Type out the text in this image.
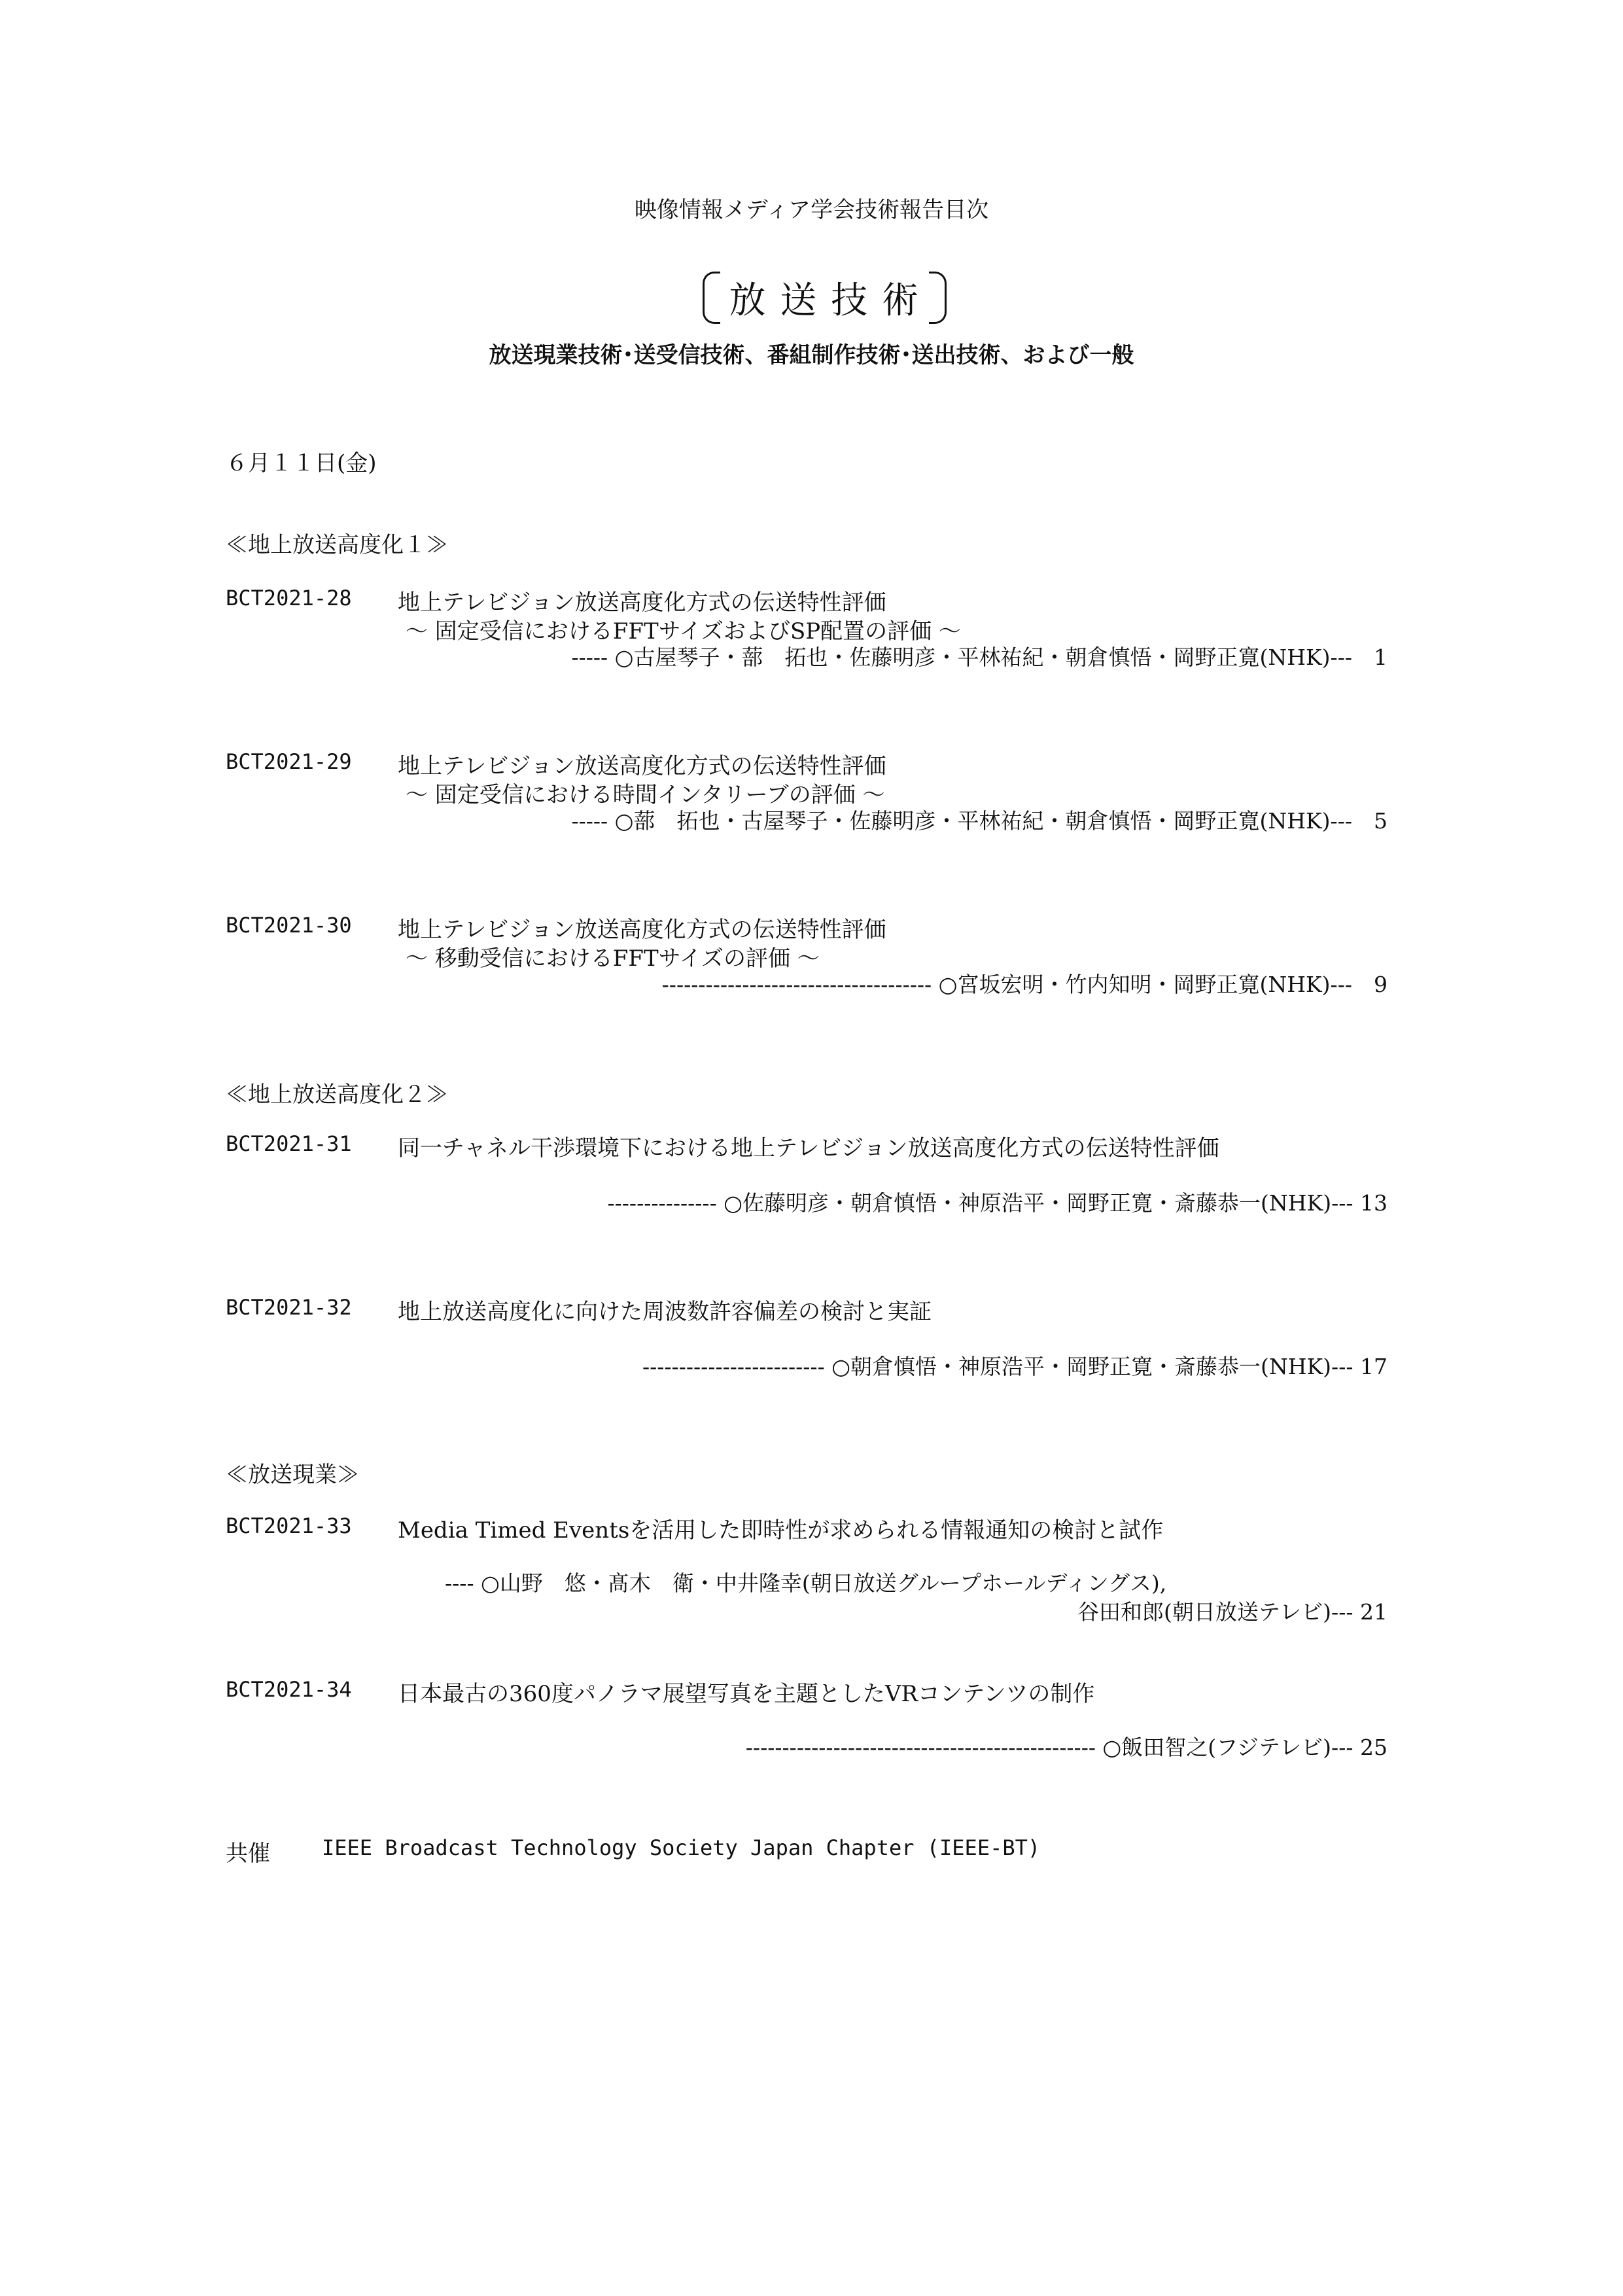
映像情報メディア学会技術報告目次

放 送 技 術

放送現業技術･送受信技術、番組制作技術･送出技術、および一般
６月１１日(金)
≪地上放送高度化１≫
BCT2021-28 地上テレビジョン放送高度化方式の伝送特性評価
～ 固定受信におけるFFTサイズおよびSP配置の評価 ～
----- ○古屋琴子・蔀　拓也・佐藤明彦・平林祐紀・朝倉慎悟・岡野正寛(NHK)---　1
BCT2021-29 地上テレビジョン放送高度化方式の伝送特性評価
～ 固定受信における時間インタリーブの評価 ～
----- ○蔀　拓也・古屋琴子・佐藤明彦・平林祐紀・朝倉慎悟・岡野正寛(NHK)---　5
BCT2021-30 地上テレビジョン放送高度化方式の伝送特性評価
～ 移動受信におけるFFTサイズの評価 ～
------------------------------------- ○宮坂宏明・竹内知明・岡野正寛(NHK)---　9
≪地上放送高度化２≫
BCT2021-31 同一チャネル干渉環境下における地上テレビジョン放送高度化方式の伝送特性評価
--------------- ○佐藤明彦・朝倉慎悟・神原浩平・岡野正寛・斎藤恭一(NHK)--- 13
BCT2021-32 地上放送高度化に向けた周波数許容偏差の検討と実証
------------------------- ○朝倉慎悟・神原浩平・岡野正寛・斎藤恭一(NHK)--- 17
≪放送現業≫
BCT2021-33 Media Timed Eventsを活用した即時性が求められる情報通知の検討と試作
---- ○山野　悠・髙木　衛・中井隆幸(朝日放送グループホールディングス),
谷田和郎(朝日放送テレビ)--- 21
BCT2021-34 日本最古の360度パノラマ展望写真を主題としたVRコンテンツの制作
------------------------------------------------ ○飯田智之(フジテレビ)--- 25
共催 IEEE Broadcast Technology Society Japan Chapter (IEEE-BT)
